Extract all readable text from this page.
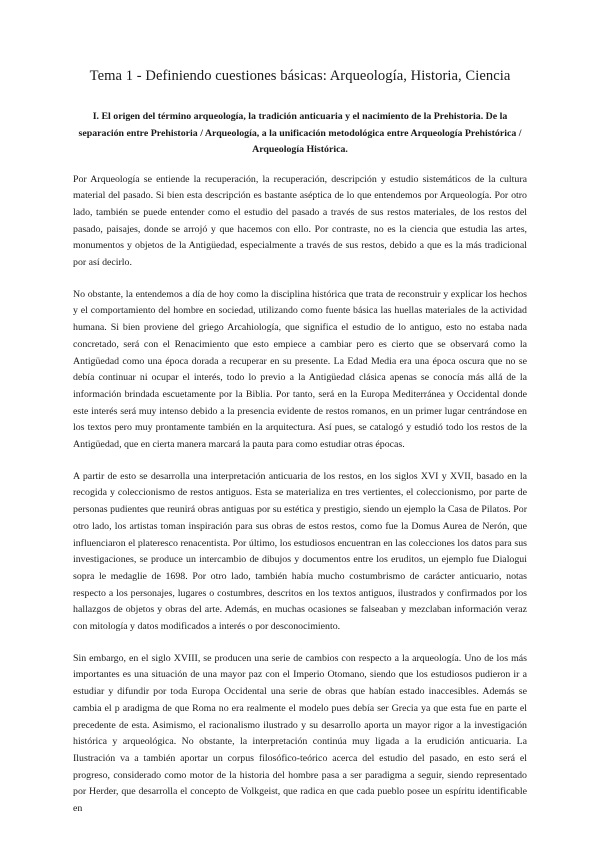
Tema 1 - Definiendo cuestiones básicas: Arqueología, Historia, Ciencia
I. El origen del término arqueología, la tradición anticuaria y el nacimiento de la Prehistoria. De la separación entre Prehistoria / Arqueología, a la unificación metodológica entre Arqueología Prehistórica / Arqueología Histórica.

Por Arqueología se entiende la recuperación, la recuperación, descripción y estudio sistemáticos de la cultura material del pasado. Si bien esta descripción es bastante aséptica de lo que entendemos por Arqueología. Por otro lado, también se puede entender como el estudio del pasado a través de sus restos materiales, de los restos del pasado, paisajes, donde se arrojó y que hacemos con ello. Por contraste, no es la ciencia que estudia las artes, monumentos y objetos de la Antigüedad, especialmente a través de sus restos, debido a que es la más tradicional por así decirlo.

No obstante, la entendemos a día de hoy como la disciplina histórica que trata de reconstruir y explicar los hechos y el comportamiento del hombre en sociedad, utilizando como fuente básica las huellas materiales de la actividad humana. Si bien proviene del griego Arcahiología, que significa el estudio de lo antiguo, esto no estaba nada concretado, será con el Renacimiento que esto empiece a cambiar pero es cierto que se observará como la Antigüedad como una época dorada a recuperar en su presente. La Edad Media era una época oscura que no se debía continuar ni ocupar el interés, todo lo previo a la Antigüedad clásica apenas se conocía más allá de la información brindada escuetamente por la Biblia. Por tanto, será en la Europa Mediterránea y Occidental donde este interés será muy intenso debido a la presencia evidente de restos romanos, en un primer lugar centrándose en los textos pero muy prontamente también en la arquitectura. Así pues, se catalogó y estudió todo los restos de la Antigüedad, que en cierta manera marcará la pauta para como estudiar otras épocas.

A partir de esto se desarrolla una interpretación anticuaria de los restos, en los siglos XVI y XVII, basado en la recogida y coleccionismo de restos antiguos. Esta se materializa en tres vertientes, el coleccionismo, por parte de personas pudientes que reunirá obras antiguas por su estética y prestigio, siendo un ejemplo la Casa de Pilatos. Por otro lado, los artistas toman inspiración para sus obras de estos restos, como fue la Domus Aurea de Nerón, que influenciaron el plateresco renacentista. Por último, los estudiosos encuentran en las colecciones los datos para sus investigaciones, se produce un intercambio de dibujos y documentos entre los eruditos, un ejemplo fue Dialogui sopra le medaglie de 1698. Por otro lado, también había mucho costumbrismo de carácter anticuario, notas respecto a los personajes, lugares o costumbres, descritos en los textos antiguos, ilustrados y confirmados por los hallazgos de objetos y obras del arte. Además, en muchas ocasiones se falseaban y mezclaban información veraz con mitología y datos modificados a interés o por desconocimiento.

Sin embargo, en el siglo XVIII, se producen una serie de cambios con respecto a la arqueología. Uno de los más importantes es una situación de una mayor paz con el Imperio Otomano, siendo que los estudiosos pudieron ir a estudiar y difundir por toda Europa Occidental una serie de obras que habían estado inaccesibles. Además se cambia el p aradigma de que Roma no era realmente el modelo pues debía ser Grecia ya que esta fue en parte el precedente de esta. Asimismo, el racionalismo ilustrado y su desarrollo aporta un mayor rigor a la investigación histórica y arqueológica. No obstante, la interpretación continúa muy ligada a la erudición anticuaria. La Ilustración va a también aportar un corpus filosófico-teórico acerca del estudio del pasado, en esto será el progreso, considerado como motor de la historia del hombre pasa a ser paradigma a seguir, siendo representado por Herder, que desarrolla el concepto de Volkgeist, que radica en que cada pueblo posee un espíritu identificable en
